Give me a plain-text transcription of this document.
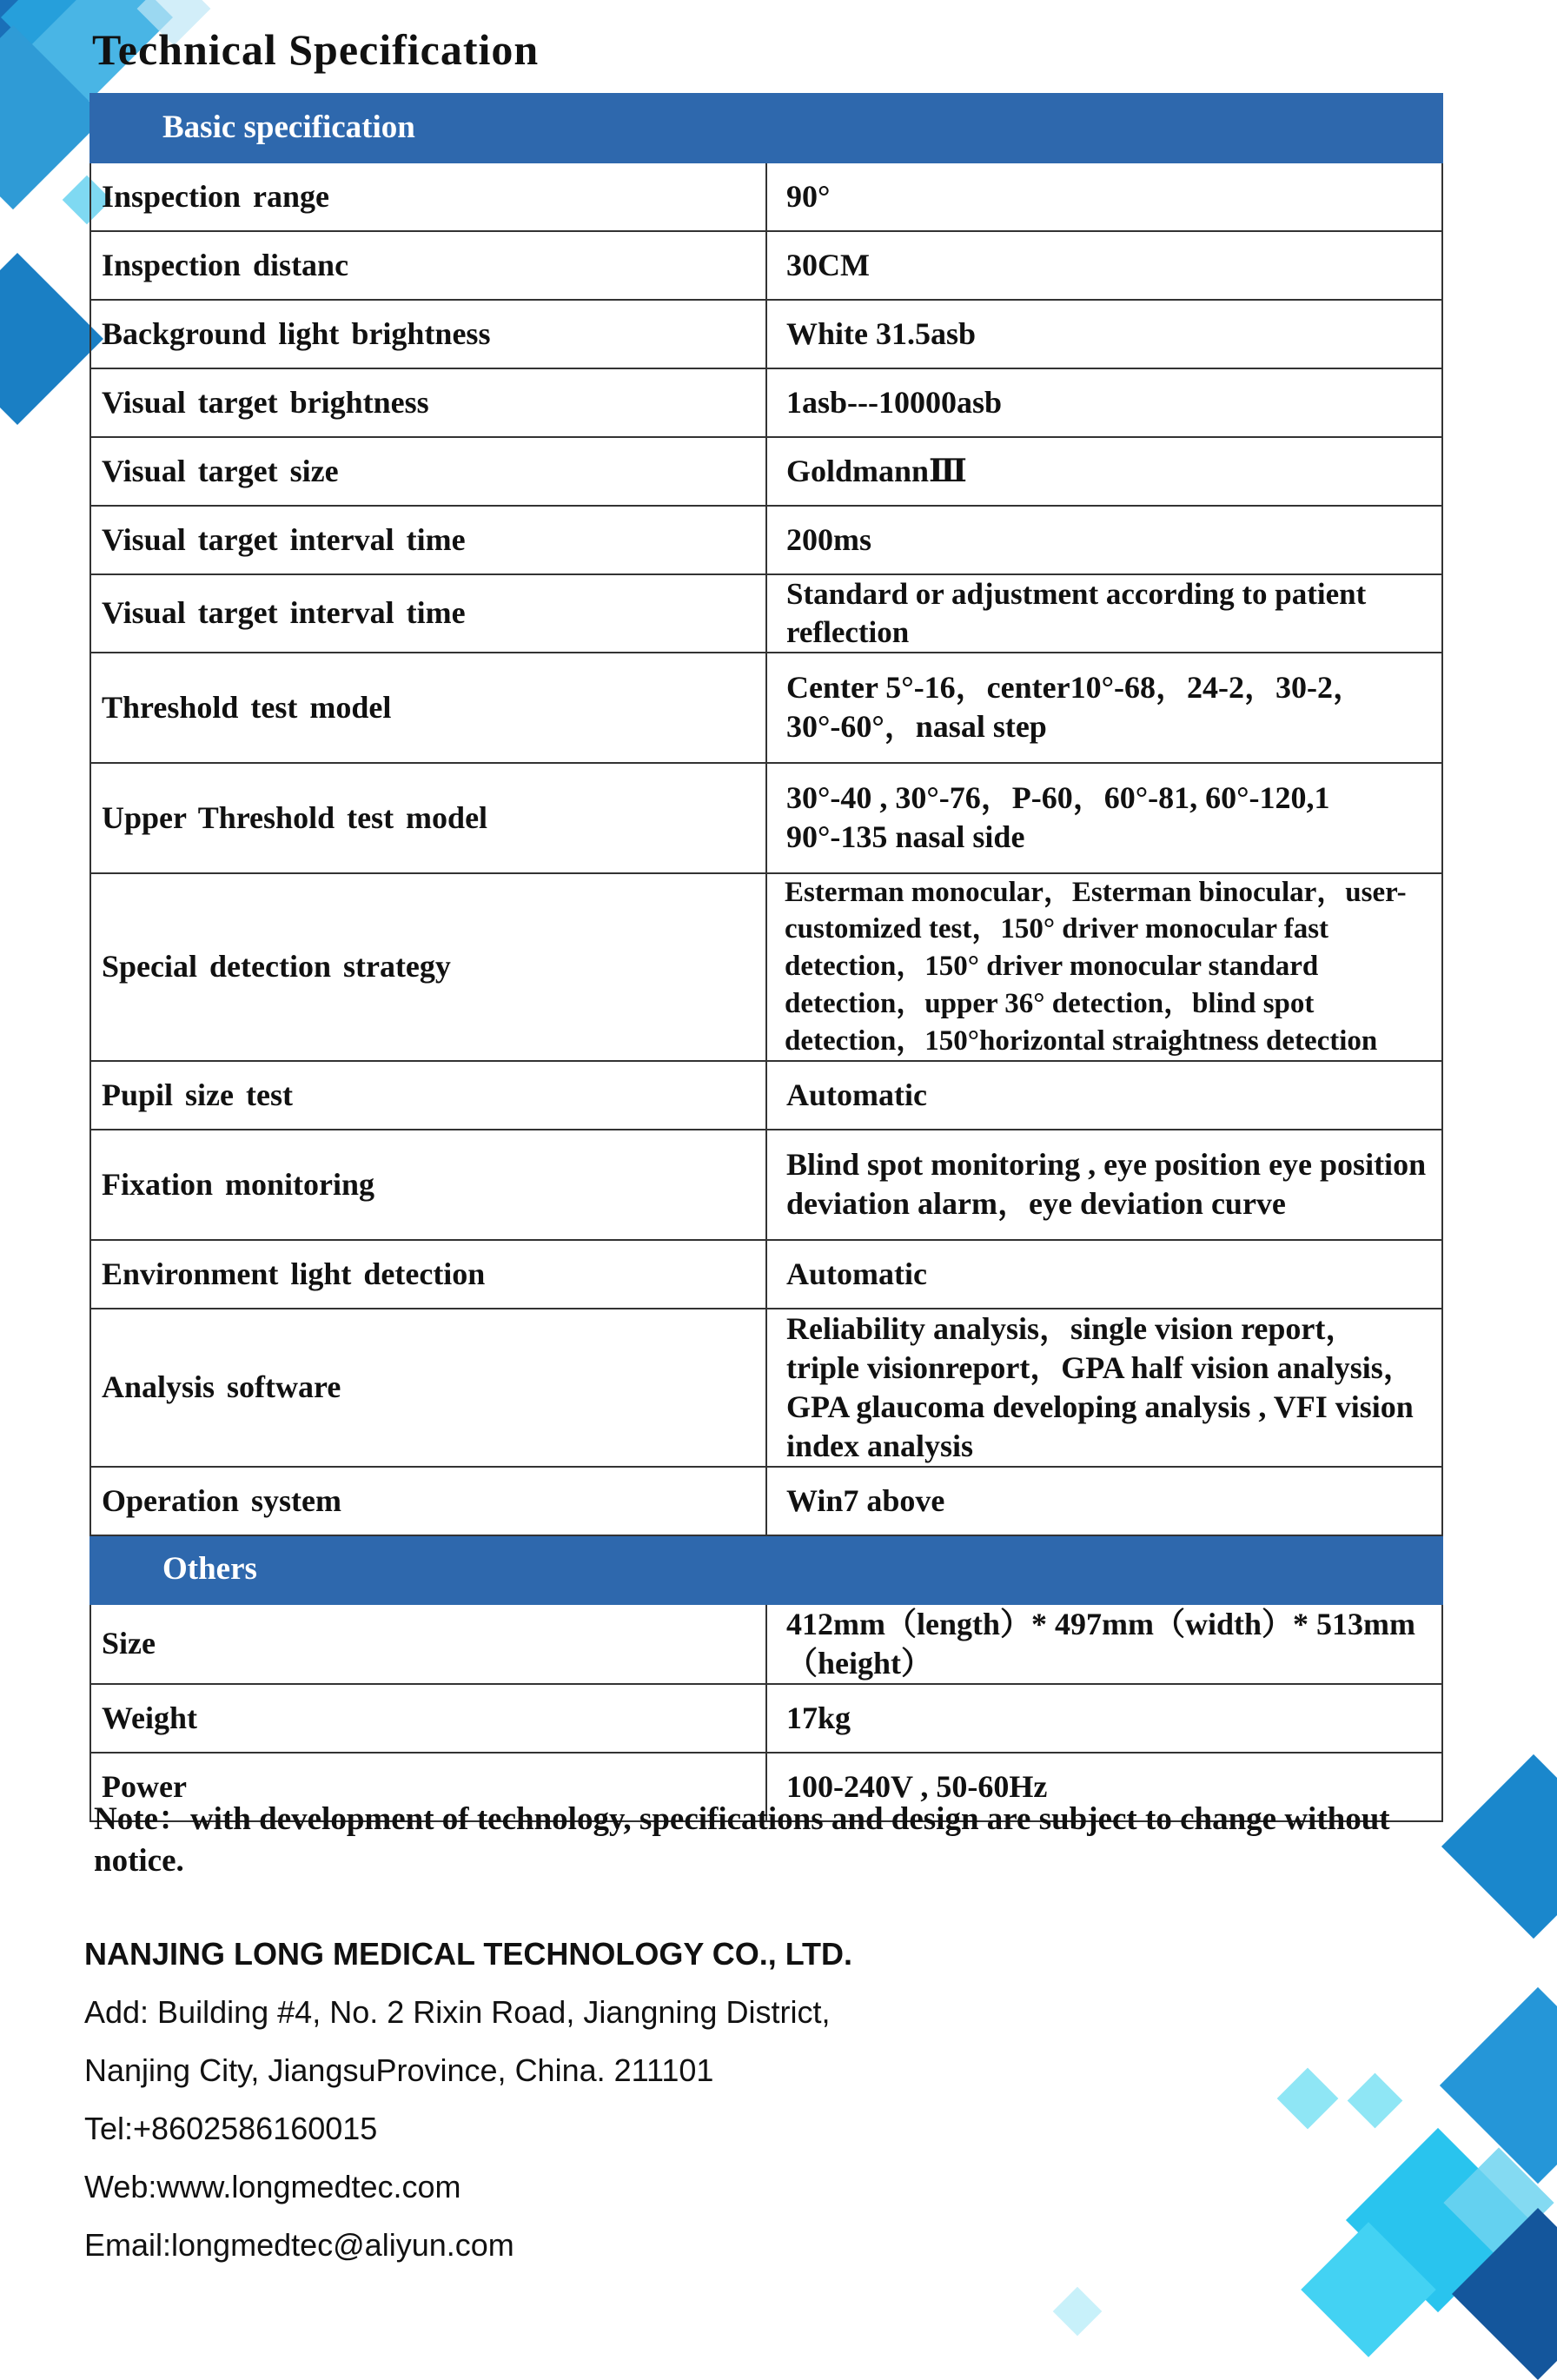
Technical Specification
Basic specification	
Inspection range	90°
Inspection distanc	30CM
Background light brightness	White 31.5asb
Visual target brightness	1asb---10000asb
Visual target size	GoldmannⅢ
Visual target interval time	200ms
Visual target interval time	Standard or adjustment according to patient reflection
Threshold test model	Center 5°-16，center10°-68，24-2，30-2，30°-60°，nasal step
Upper Threshold test model	30°-40 , 30°-76，P-60，60°-81, 60°-120,1 90°-135 nasal side
Special detection strategy	Esterman monocular，Esterman binocular，user-customized test，150° driver monocular fast detection，150° driver monocular standard detection，upper 36° detection，blind spot detection，150°horizontal straightness detection
Pupil size test	Automatic
Fixation monitoring	Blind spot monitoring , eye position eye position deviation alarm，eye deviation curve
Environment light detection	Automatic
Analysis software	Reliability analysis，single vision report，triple visionreport，GPA half vision analysis，GPA glaucoma developing analysis , VFI vision index analysis
Operation system	Win7 above
Others	
Size	412mm（length）* 497mm（width）* 513mm（height）
Weight	17kg
Power	100-240V , 50-60Hz

Note：with development of technology, specifications and design are subject to change without notice.

NANJING LONG MEDICAL TECHNOLOGY CO., LTD.
Add: Building #4, No. 2 Rixin Road, Jiangning District,
Nanjing City, JiangsuProvince, China. 211101
Tel:+8602586160015
Web:www.longmedtec.com
Email:longmedtec@aliyun.com
